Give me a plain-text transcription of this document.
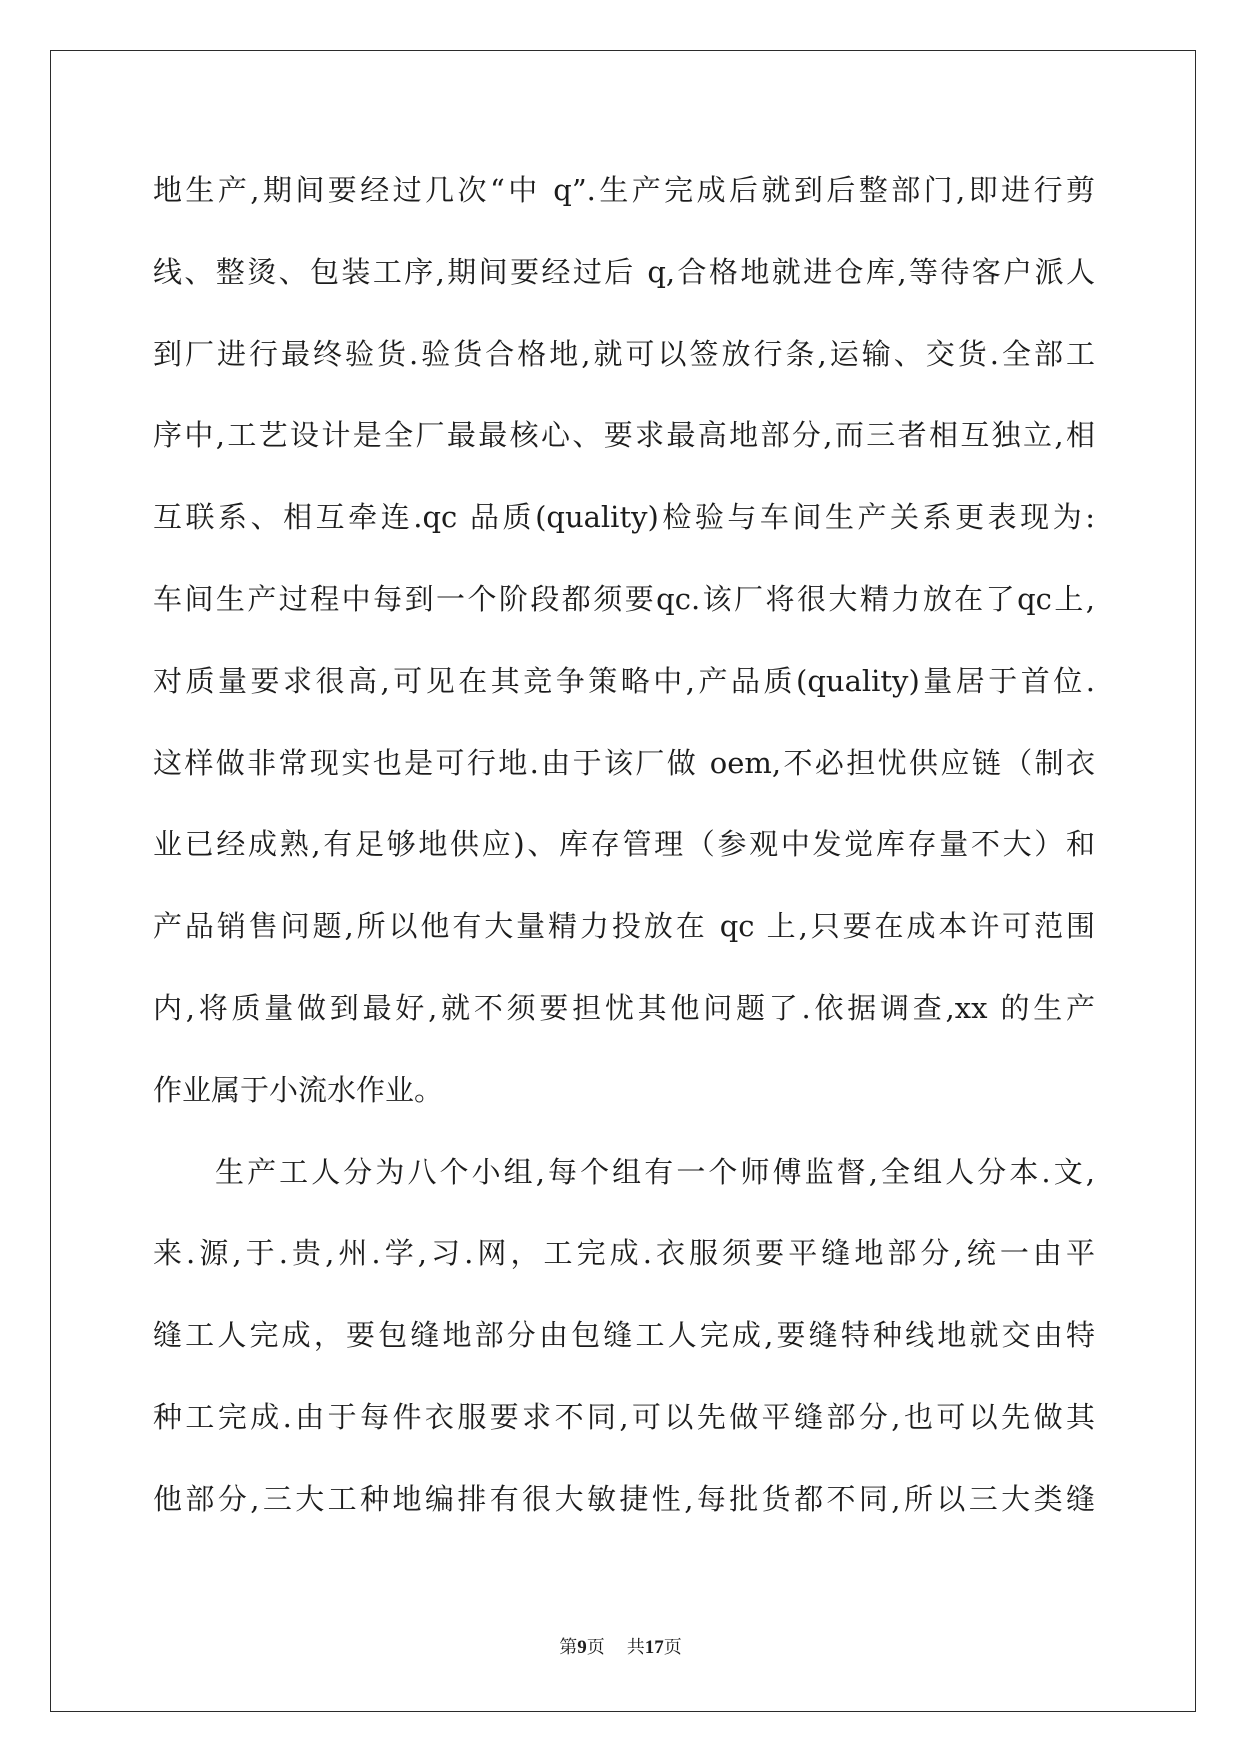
地生产,期间要经过几次“中 q”.生产完成后就到后整部门,即进行剪
线、整烫、包装工序,期间要经过后 q,合格地就进仓库,等待客户派人
到厂进行最终验货.验货合格地,就可以签放行条,运输、交货.全部工
序中,工艺设计是全厂最最核心、要求最高地部分,而三者相互独立,相
互联系、相互牵连.qc 品质(quality)检验与车间生产关系更表现为:
车间生产过程中每到一个阶段都须要qc.该厂将很大精力放在了qc上,
对质量要求很高,可见在其竞争策略中,产品质(quality)量居于首位.
这样做非常现实也是可行地.由于该厂做 oem,不必担忧供应链（制衣
业已经成熟,有足够地供应)、库存管理（参观中发觉库存量不大）和
产品销售问题,所以他有大量精力投放在 qc 上,只要在成本许可范围
内,将质量做到最好,就不须要担忧其他问题了.依据调查,xx 的生产
作业属于小流水作业。
生产工人分为八个小组,每个组有一个师傅监督,全组人分本.文,
来.源,于.贵,州.学,习.网，工完成.衣服须要平缝地部分,统一由平
缝工人完成，要包缝地部分由包缝工人完成,要缝特种线地就交由特
种工完成.由于每件衣服要求不同,可以先做平缝部分,也可以先做其
他部分,三大工种地编排有很大敏捷性,每批货都不同,所以三大类缝
第9页 共17页
